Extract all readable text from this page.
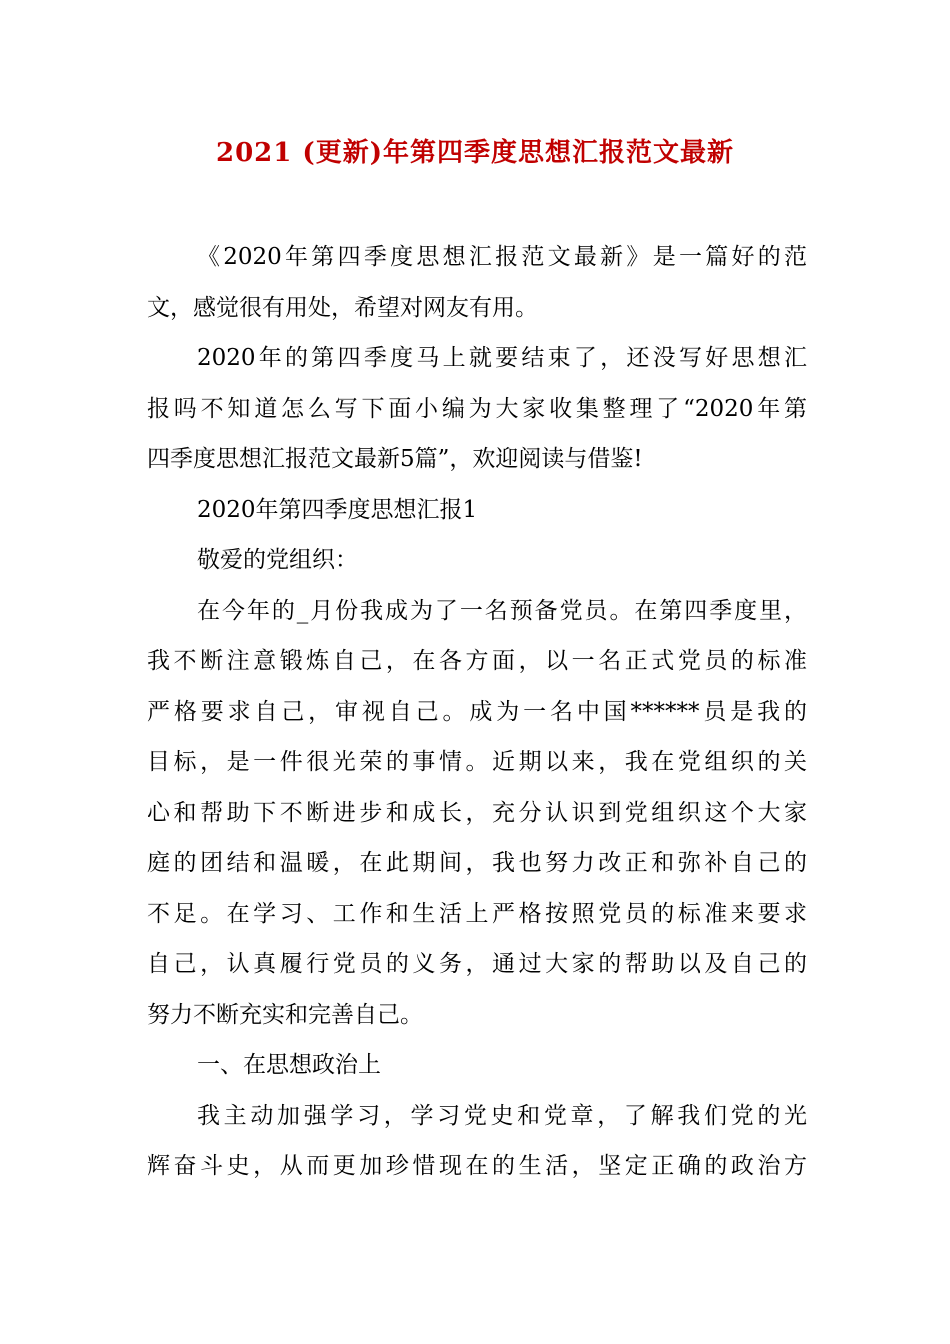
2021 (更新)年第四季度思想汇报范文最新
《2020年第四季度思想汇报范文最新》是一篇好的范
文，感觉很有用处，希望对网友有用。
2020年的第四季度马上就要结束了，还没写好思想汇
报吗不知道怎么写下面小编为大家收集整理了“2020年第
四季度思想汇报范文最新5篇”，欢迎阅读与借鉴!
2020年第四季度思想汇报1
敬爱的党组织：
在今年的_月份我成为了一名预备党员。在第四季度里，
我不断注意锻炼自己，在各方面，以一名正式党员的标准
严格要求自己，审视自己。成为一名中国******员是我的
目标，是一件很光荣的事情。近期以来，我在党组织的关
心和帮助下不断进步和成长，充分认识到党组织这个大家
庭的团结和温暖，在此期间，我也努力改正和弥补自己的
不足。在学习、工作和生活上严格按照党员的标准来要求
自己，认真履行党员的义务，通过大家的帮助以及自己的
努力不断充实和完善自己。
一、在思想政治上
我主动加强学习，学习党史和党章，了解我们党的光
辉奋斗史，从而更加珍惜现在的生活，坚定正确的政治方
